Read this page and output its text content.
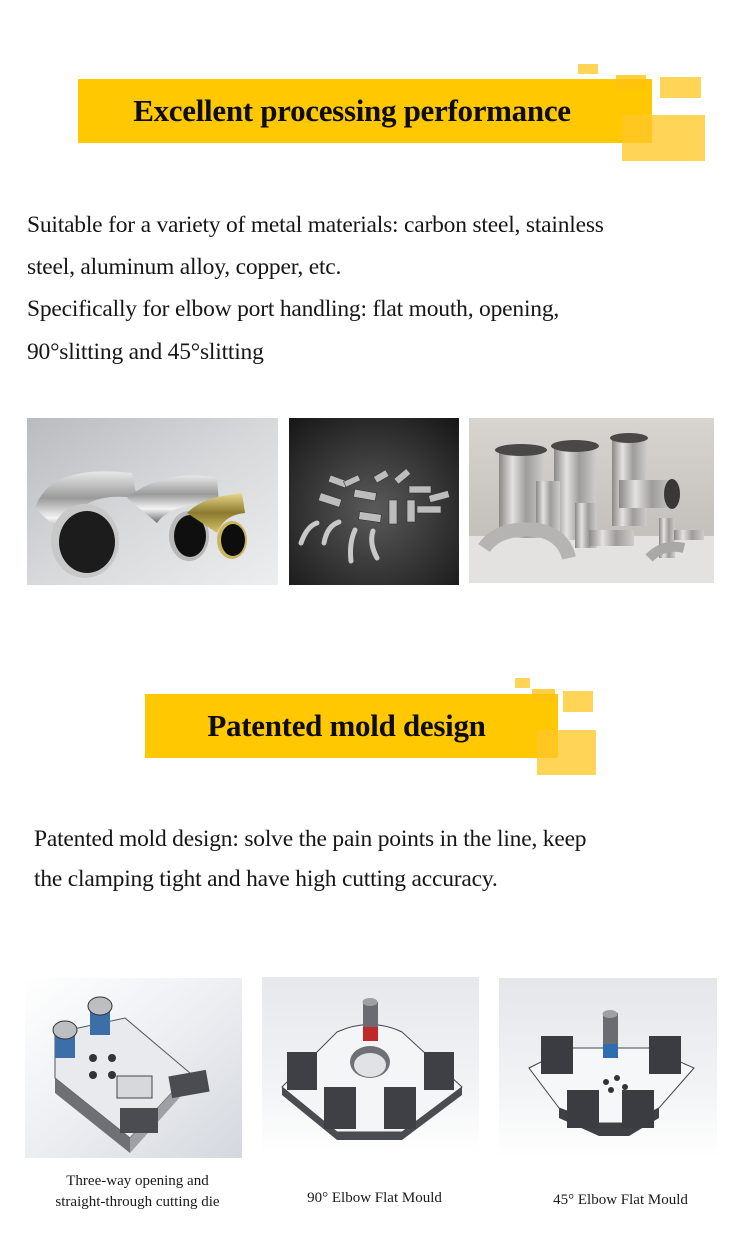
Excellent processing performance
Suitable for a variety of metal materials: carbon steel, stainless
steel, aluminum alloy, copper, etc.
Specifically for elbow port handling: flat mouth, opening,
90°slitting and 45°slitting
Patented mold design
Patented mold design: solve the pain points in the line, keep
the clamping tight and have high cutting accuracy.
Three-way opening and
straight-through cutting die	90° Elbow Flat Mould	45° Elbow Flat Mould
